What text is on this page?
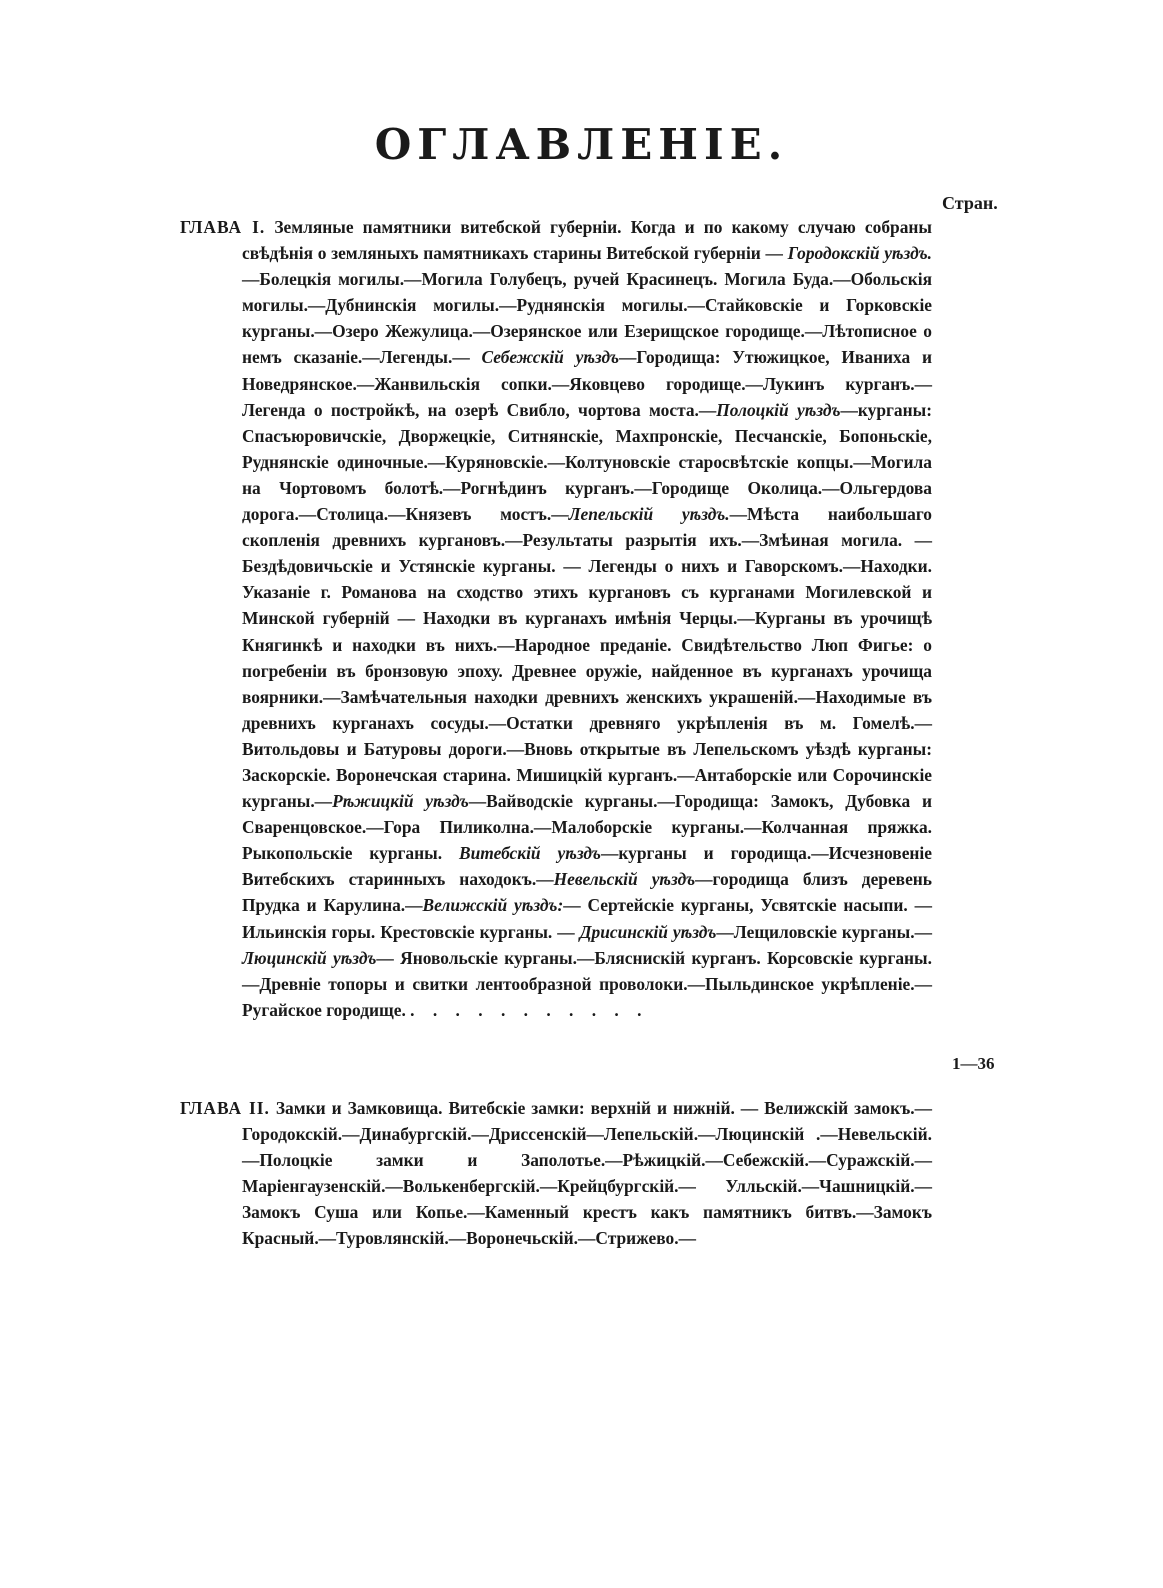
ОГЛАВЛЕНІЕ.
Стран.

ГЛАВА I. Земляные памятники витебской губерніи. Когда и по какому случаю собраны свѣдѣнія о земляныхъ памятникахъ старины Витебской губерніи — Городокскій уѣздъ.—Болецкія могилы.—Могила Голубецъ, ручей Красинецъ. Могила Буда.—Обольскія могилы.—Дубнинскія могилы.—Руднянскія могилы.—Стайковскіе и Горковскіе курганы.—Озеро Жежулица.—Озерянское или Езерищское городище.—Лѣтописное о немъ сказаніе.—Легенды.— Себежскій уѣздъ—Городища: Утюжицкое, Иваниха и Новедрянское.—Жанвильскія сопки.—Яковцево городище.—Лукинъ курганъ.—Легенда о постройкѣ, на озерѣ Свибло, чортова моста.—Полоцкій уѣздъ—курганы: Спасъюровичскіе, Дворжецкіе, Ситнянскіе, Махпронскіе, Песчанскіе, Бопоньскіе, Руднянскіе одиночные.—Куряновскіе.—Колтуновскіе старосвѣтскіе копцы.—Могила на Чортовомъ болотѣ.—Рогнѣдинъ курганъ.—Городище Околица.—Ольгердова дорога.—Столица.—Князевъ мостъ.—Лепельскій уѣздъ.—Мѣста наибольшаго скопленія древнихъ кургановъ.—Результаты разрытія ихъ.—Змѣиная могила. — Бездѣдовичьскіе и Устянскіе курганы. — Легенды о нихъ и Гаворскомъ.—Находки. Указаніе г. Романова на сходство этихъ кургановъ съ курганами Могилевской и Минской губерній — Находки въ курганахъ имѣнія Черцы.—Курганы въ урочищѣ Княгинкѣ и находки въ нихъ.—Народное преданіе. Свидѣтельство Люп Фигье: о погребеніи въ бронзовую эпоху. Древнее оружіе, найденное въ курганахъ урочища воярники.—Замѣчательныя находки древнихъ женскихъ украшеній.—Находимые въ древнихъ курганахъ сосуды.—Остатки древняго укрѣпленія въ м. Гомелѣ.—Витольдовы и Батуровы дороги.—Вновь открытые въ Лепельскомъ уѣздѣ курганы: Заскорскіе. Воронечская старина. Мишицкій курганъ.—Антаборскіе или Сорочинскіе курганы.—Рѣжицкій уѣздъ—Вайводскіе курганы.—Городища: Замокъ, Дубовка и Сваренцовское.—Гора Пиликолна.—Малоборскіе курганы.—Колчанная пряжка. Рыкопольскіе курганы. Витебскій уѣздъ—курганы и городища.—Исчезновеніе Витебскихъ старинныхъ находокъ.—Невельскій уѣздъ—городища близъ деревень Прудка и Карулина.—Велижскій уѣздъ:— Сертейскіе курганы, Усвятскіе насыпи. — Ильинскія горы. Крестовскіе курганы. — Дрисинскій уѣздъ—Лещиловскіе курганы.—Люцинскій уѣздъ— Яновольскіе курганы.—Бляснискій курганъ. Корсовскіе курганы.—Древніе топоры и свитки лентообразной проволоки.—Пыльдинское укрѣпленіе.—Ругайское городище. . . . . . . . . . . .

1—36

ГЛАВА II. Замки и Замковища. Витебскіе замки: верхній и нижній. — Велижскій замокъ.—Городокскій.—Динабургскій.—Дриссенскій—Лепельскій.—Люцинскій .—Невельскій.—Полоцкіе замки и Заполотье.—Рѣжицкій.—Себежскій.—Суражскій.—Маріенгаузенскій.—Волькенбергскій.—Крейцбургскій.— Улльскій.—Чашницкій.—Замокъ Суша или Копье.—Каменный крестъ какъ памятникъ битвъ.—Замокъ Красный.—Туровлянскій.—Воронечьскій.—Стрижево.—
